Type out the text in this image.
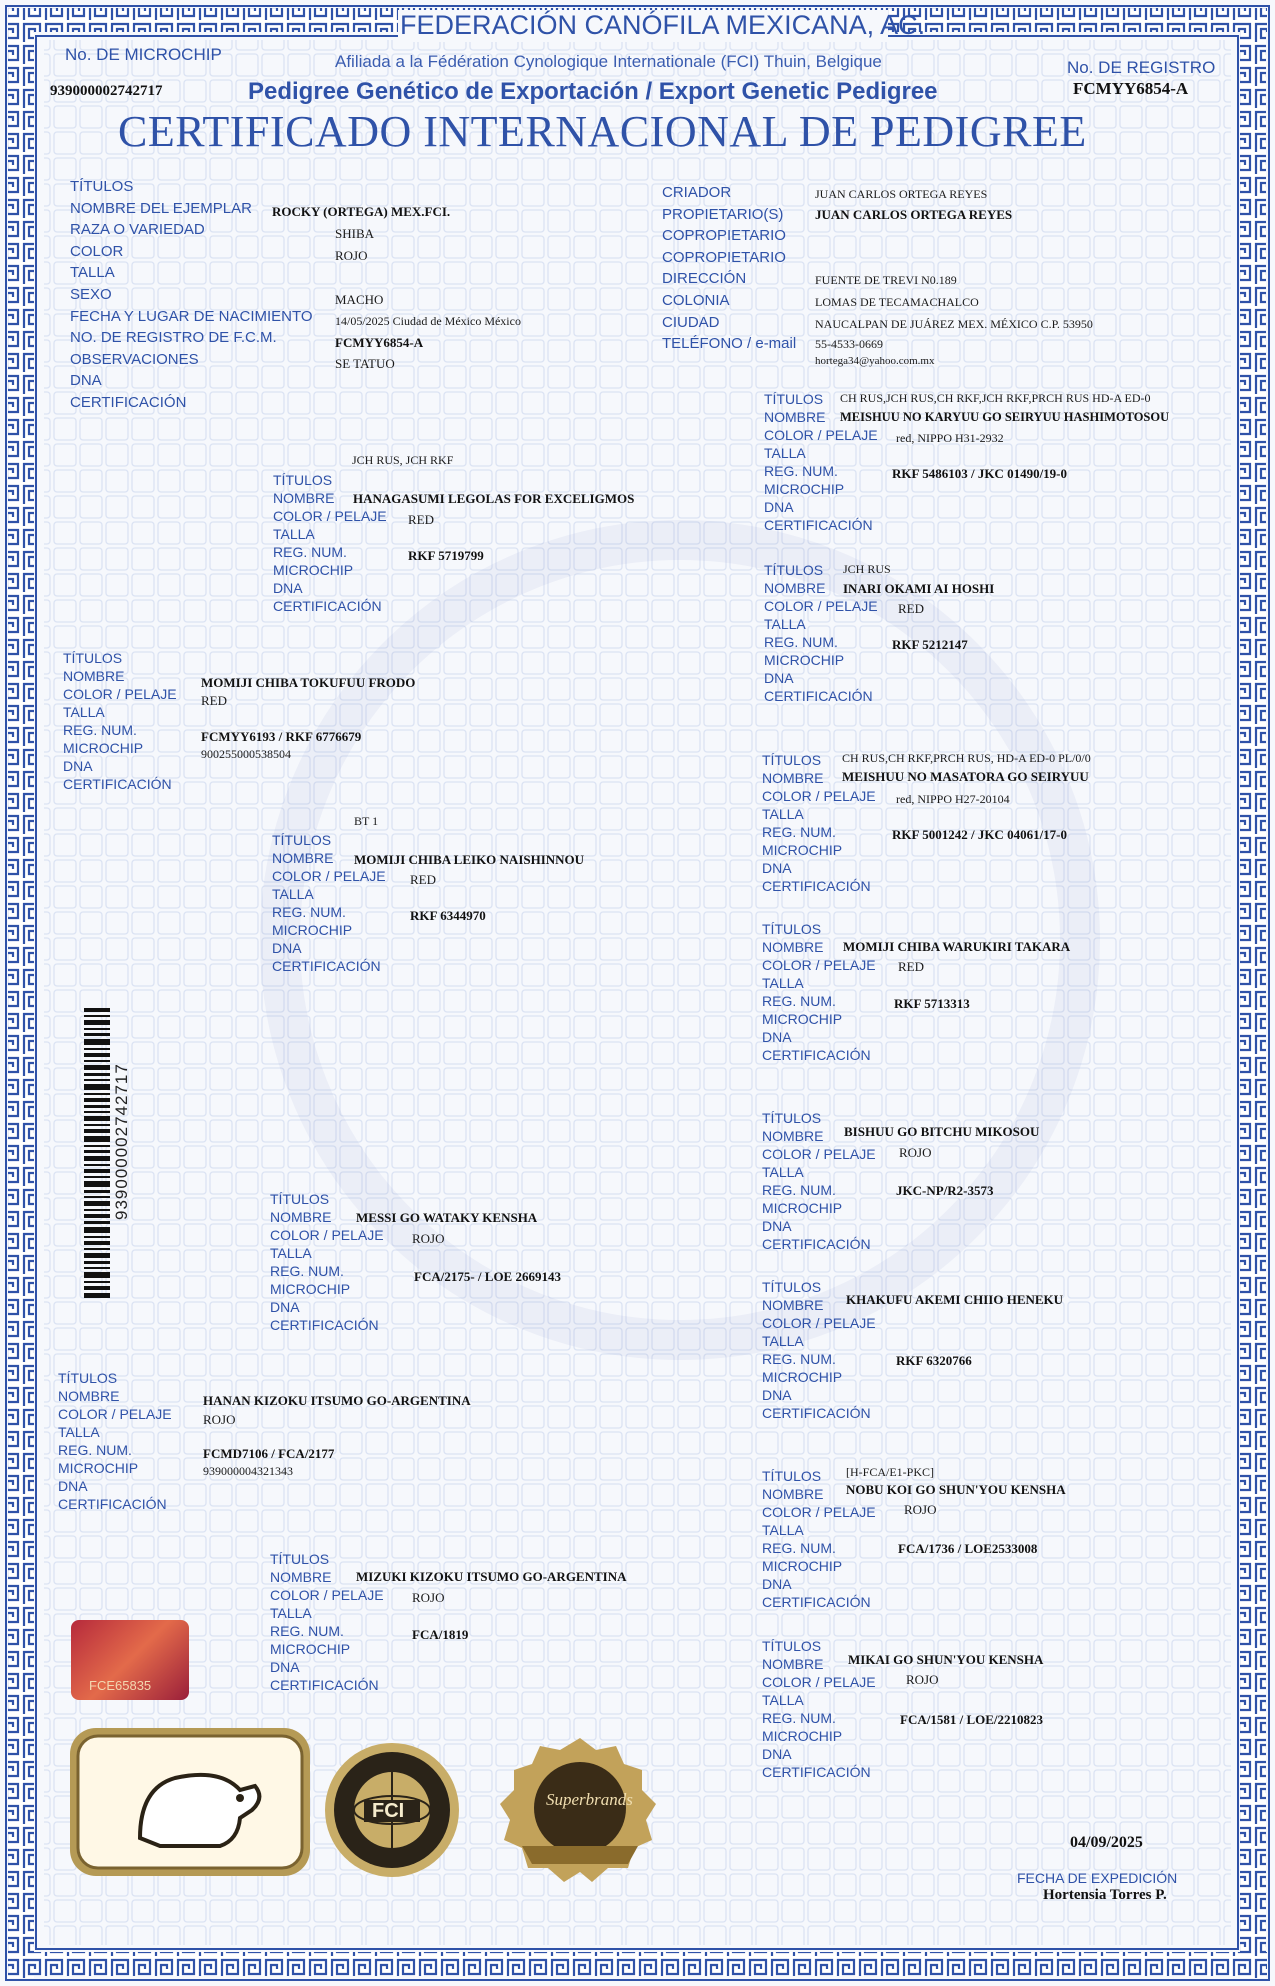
FEDERACIÓN CANÓFILA MEXICANA, AC.
Afiliada a la Fédération Cynologique Internationale (FCI) Thuin, Belgique
Pedigree Genético de Exportación / Export Genetic Pedigree
CERTIFICADO INTERNACIONAL DE PEDIGREE
No. DE MICROCHIP
939000002742717
No. DE REGISTRO
FCMYY6854-A
TÍTULOS
NOMBRE DEL EJEMPLAR
RAZA O VARIEDAD
COLOR
TALLA
SEXO
FECHA Y LUGAR DE NACIMIENTO
NO. DE REGISTRO DE F.C.M.
OBSERVACIONES
DNA
CERTIFICACIÓN
ROCKY (ORTEGA) MEX.FCI.
SHIBA
ROJO
MACHO
14/05/2025 Ciudad de México México
FCMYY6854-A
SE TATUO
CRIADOR
PROPIETARIO(S)
COPROPIETARIO
COPROPIETARIO
DIRECCIÓN
COLONIA
CIUDAD
TELÉFONO / e-mail
JUAN CARLOS ORTEGA REYES
JUAN CARLOS ORTEGA REYES
FUENTE DE TREVI N0.189
LOMAS DE TECAMACHALCO
NAUCALPAN DE JUÁREZ MEX. MÉXICO C.P. 53950
55-4533-0669
hortega34@yahoo.com.mx
TÍTULOS
NOMBRE
COLOR / PELAJE
TALLA
REG. NUM.
MICROCHIP
DNA
CERTIFICACIÓN
CH RUS,JCH RUS,CH RKF,JCH RKF,PRCH RUS HD-A ED-0
MEISHUU NO KARYUU GO SEIRYUU HASHIMOTOSOU
red, NIPPO H31-2932
RKF 5486103 / JKC 01490/19-0
JCH RUS, JCH RKF
TÍTULOS
NOMBRE
COLOR / PELAJE
TALLA
REG. NUM.
MICROCHIP
DNA
CERTIFICACIÓN
HANAGASUMI LEGOLAS FOR EXCELIGMOS
RED
RKF 5719799
TÍTULOS JCH RUS
NOMBRE
COLOR / PELAJE
TALLA
REG. NUM.
MICROCHIP
DNA
CERTIFICACIÓN
INARI OKAMI AI HOSHI
RED
RKF 5212147
TÍTULOS
NOMBRE
COLOR / PELAJE
TALLA
REG. NUM.
MICROCHIP
DNA
CERTIFICACIÓN
MOMIJI CHIBA TOKUFUU FRODO
RED
FCMYY6193 / RKF 6776679
900255000538504	TÍTULOS CH RUS,CH RKF,PRCH RUS, HD-A ED-0 PL/0/0
NOMBRE
COLOR / PELAJE
TALLA
REG. NUM.
MICROCHIP
DNA
CERTIFICACIÓN
MEISHUU NO MASATORA GO SEIRYUU
red, NIPPO H27-20104
RKF 5001242 / JKC 04061/17-0
BT 1
TÍTULOS
NOMBRE
COLOR / PELAJE
TALLA
REG. NUM.
MICROCHIP
DNA
CERTIFICACIÓN
MOMIJI CHIBA LEIKO NAISHINNOU
RED
RKF 6344970
TÍTULOS
NOMBRE
COLOR / PELAJE
TALLA
REG. NUM.
MICROCHIP
DNA
CERTIFICACIÓN
MOMIJI CHIBA WARUKIRI TAKARA
RED
RKF 5713313
TÍTULOS
NOMBRE
COLOR / PELAJE
TALLA
REG. NUM.
MICROCHIP
DNA
CERTIFICACIÓN
BISHUU GO BITCHU MIKOSOU
ROJO
JKC-NP/R2-3573
TÍTULOS
NOMBRE
COLOR / PELAJE
TALLA
REG. NUM.
MICROCHIP
DNA
CERTIFICACIÓN
MESSI GO WATAKY KENSHA
ROJO
FCA/2175- / LOE 2669143
TÍTULOS
NOMBRE
COLOR / PELAJE
TALLA
REG. NUM.
MICROCHIP
DNA
CERTIFICACIÓN
KHAKUFU AKEMI CHIIO HENEKU
RKF 6320766
TÍTULOS
NOMBRE
COLOR / PELAJE
TALLA
REG. NUM.
MICROCHIP
DNA
CERTIFICACIÓN
HANAN KIZOKU ITSUMO GO-ARGENTINA
ROJO
FCMD7106 / FCA/2177
939000004321343	[H-FCA/E1-PKC]
TÍTULOS
NOMBRE
COLOR / PELAJE
TALLA
REG. NUM.
MICROCHIP
DNA
CERTIFICACIÓN
NOBU KOI GO SHUN'YOU KENSHA
ROJO
FCA/1736 / LOE2533008
TÍTULOS
NOMBRE
COLOR / PELAJE
TALLA
REG. NUM.
MICROCHIP
DNA
CERTIFICACIÓN
MIZUKI KIZOKU ITSUMO GO-ARGENTINA
ROJO
FCA/1819
TÍTULOS
NOMBRE
COLOR / PELAJE
TALLA
REG. NUM.
MICROCHIP
DNA
CERTIFICACIÓN
MIKAI GO SHUN'YOU KENSHA
ROJO
FCA/1581 / LOE/2210823
939000002742717
FCE65835
FCI
Superbrands
04/09/2025
FECHA DE EXPEDICIÓN
Hortensia Torres P.
